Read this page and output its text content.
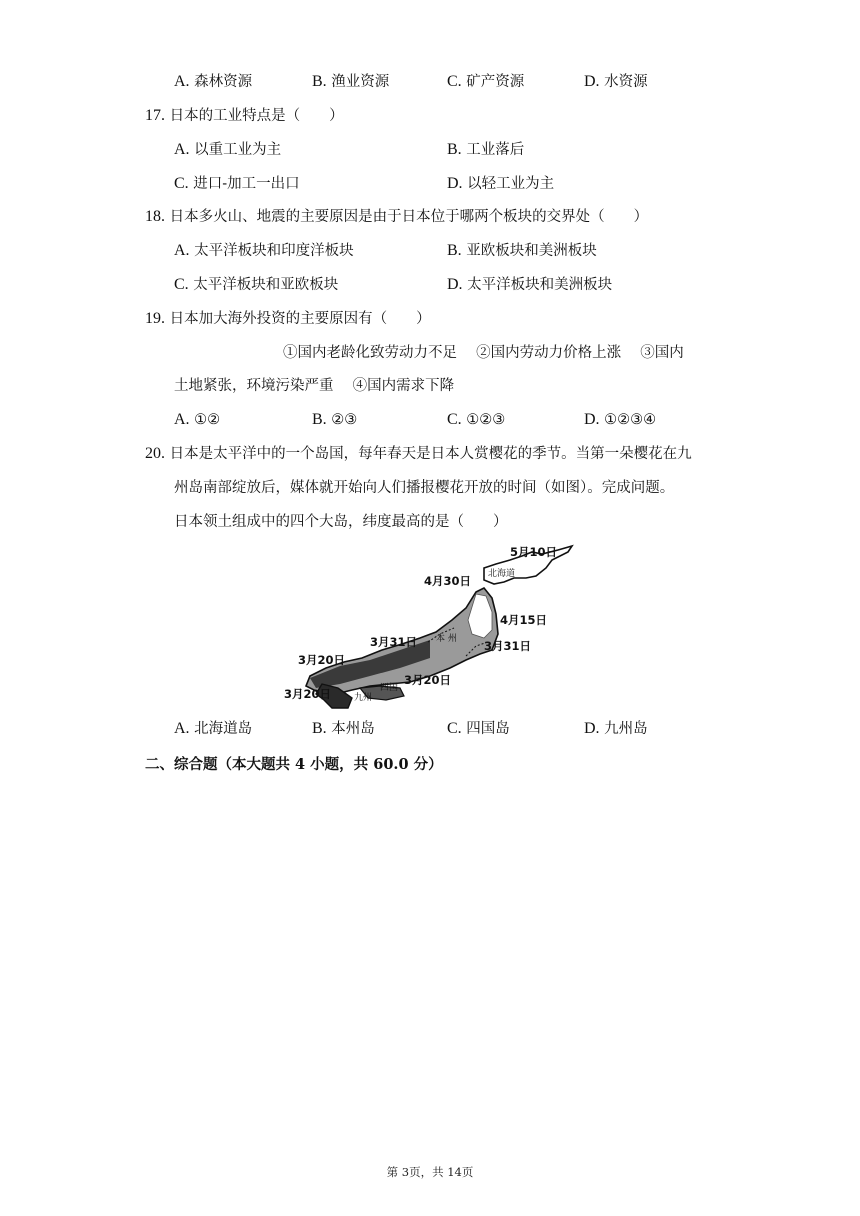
A. 森林资源	B. 渔业资源	C. 矿产资源	D. 水资源
17. 日本的工业特点是（　　）
A. 以重工业为主	B. 工业落后
C. 进口-加工一出口	D. 以轻工业为主
18. 日本多火山、地震的主要原因是由于日本位于哪两个板块的交界处（　　）
A. 太平洋板块和印度洋板块	B. 亚欧板块和美洲板块
C. 太平洋板块和亚欧板块	D. 太平洋板块和美洲板块
19. 日本加大海外投资的主要原因有（　　）
①国内老龄化致劳动力不足　 ②国内劳动力价格上涨　 ③国内
土地紧张，环境污染严重　 ④国内需求下降
A. ①②	B. ②③	C. ①②③	D. ①②③④
20. 日本是太平洋中的一个岛国，每年春天是日本人赏樱花的季节。当第一朵樱花在九
州岛南部绽放后，媒体就开始向人们播报樱花开放的时间（如图）。完成问题。
日本领土组成中的四个大岛，纬度最高的是（　　）
5月10日
4月30日 北海道
4月15日
3月31日 本 州 3月31日
3月20日
四国
3月20日
3月20日	九州
A. 北海道岛	B. 本州岛	C. 四国岛	D. 九州岛
二、综合题（本大题共 4 小题，共 60.0 分）
第 3页，共 14页
